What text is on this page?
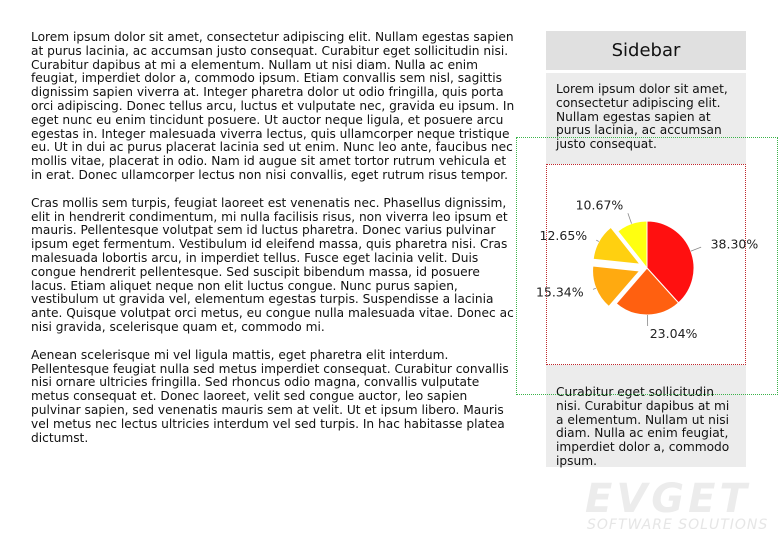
Lorem ipsum dolor sit amet, consectetur adipiscing elit. Nullam egestas sapien at purus lacinia, ac accumsan justo consequat. Curabitur eget sollicitudin nisi. Curabitur dapibus at mi a elementum. Nullam ut nisi diam. Nulla ac enim feugiat, imperdiet dolor a, commodo ipsum. Etiam convallis sem nisl, sagittis dignissim sapien viverra at. Integer pharetra dolor ut odio fringilla, quis porta orci adipiscing. Donec tellus arcu, luctus et vulputate nec, gravida eu ipsum. In eget nunc eu enim tincidunt posuere. Ut auctor neque ligula, et posuere arcu egestas in. Integer malesuada viverra lectus, quis ullamcorper neque tristique eu. Ut in dui ac purus placerat lacinia sed ut enim. Nunc leo ante, faucibus nec mollis vitae, placerat in odio. Nam id augue sit amet tortor rutrum vehicula et in erat. Donec ullamcorper lectus non nisi convallis, eget rutrum risus tempor.

Cras mollis sem turpis, feugiat laoreet est venenatis nec. Phasellus dignissim, elit in hendrerit condimentum, mi nulla facilisis risus, non viverra leo ipsum et mauris. Pellentesque volutpat sem id luctus pharetra. Donec varius pulvinar ipsum eget fermentum. Vestibulum id eleifend massa, quis pharetra nisi. Cras malesuada lobortis arcu, in imperdiet tellus. Fusce eget lacinia velit. Duis congue hendrerit pellentesque. Sed suscipit bibendum massa, id posuere lacus. Etiam aliquet neque non elit luctus congue. Nunc purus sapien, vestibulum ut gravida vel, elementum egestas turpis. Suspendisse a lacinia ante. Quisque volutpat orci metus, eu congue nulla malesuada vitae. Donec ac nisi gravida, scelerisque quam et, commodo mi.

Aenean scelerisque mi vel ligula mattis, eget pharetra elit interdum. Pellentesque feugiat nulla sed metus imperdiet consequat. Curabitur convallis nisi ornare ultricies fringilla. Sed rhoncus odio magna, convallis vulputate metus consequat et. Donec laoreet, velit sed congue auctor, leo sapien pulvinar sapien, sed venenatis mauris sem at velit. Ut et ipsum libero. Mauris vel metus nec lectus ultricies interdum vel sed turpis. In hac habitasse platea dictumst.

Sidebar
Lorem ipsum dolor sit amet, consectetur adipiscing elit. Nullam egestas sapien at purus lacinia, ac accumsan justo consequat.
Curabitur eget sollicitudin nisi. Curabitur dapibus at mi a elementum. Nullam ut nisi diam. Nulla ac enim feugiat, imperdiet dolor a, commodo ipsum.
38.30%
23.04%
15.34%
12.65%
10.67%
EVGET
SOFTWARE SOLUTIONS
